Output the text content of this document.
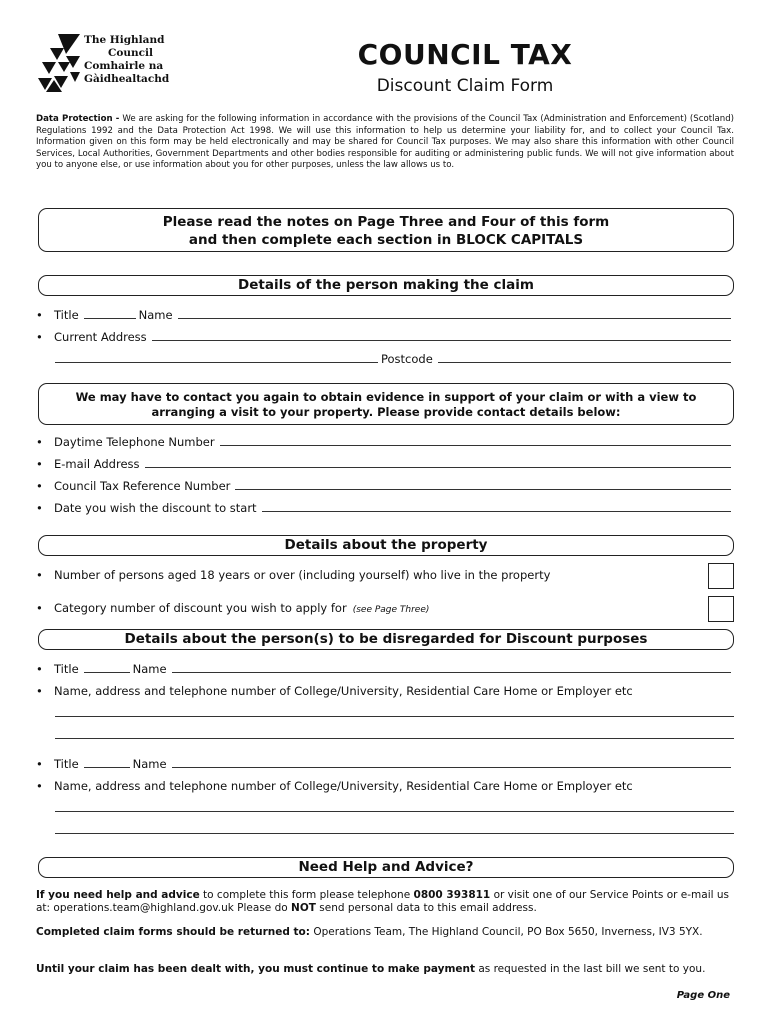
The Highland
Council
Comhairle na
Gàidhealtachd
COUNCIL TAX
Discount Claim Form
Data Protection - We are asking for the following information in accordance with the provisions of the Council Tax (Administration and Enforcement) (Scotland) Regulations 1992 and the Data Protection Act 1998. We will use this information to help us determine your liability for, and to collect your Council Tax. Information given on this form may be held electronically and may be shared for Council Tax purposes. We may also share this information with other Council Services, Local Authorities, Government Departments and other bodies responsible for auditing or administering public funds. We will not give information about you to anyone else, or use information about you for other purposes, unless the law allows us to.
Please read the notes on Page Three and Four of this form
and then complete each section in BLOCK CAPITALS
Details of the person making the claim
• Title	Name
• Current Address
Postcode
We may have to contact you again to obtain evidence in support of your claim or with a view to
arranging a visit to your property. Please provide contact details below:
• Daytime Telephone Number
• E-mail Address
• Council Tax Reference Number
• Date you wish the discount to start
Details about the property
• Number of persons aged 18 years or over (including yourself) who live in the property
• Category number of discount you wish to apply for (see Page Three)
Details about the person(s) to be disregarded for Discount purposes
• Title	Name
• Name, address and telephone number of College/University, Residential Care Home or Employer etc
• Title	Name
• Name, address and telephone number of College/University, Residential Care Home or Employer etc
Need Help and Advice?
If you need help and advice to complete this form please telephone 0800 393811 or visit one of our Service Points or e-mail us at: operations.team@highland.gov.uk Please do NOT send personal data to this email address.
Completed claim forms should be returned to: Operations Team, The Highland Council, PO Box 5650, Inverness, IV3 5YX.
Until your claim has been dealt with, you must continue to make payment as requested in the last bill we sent to you.
Page One
